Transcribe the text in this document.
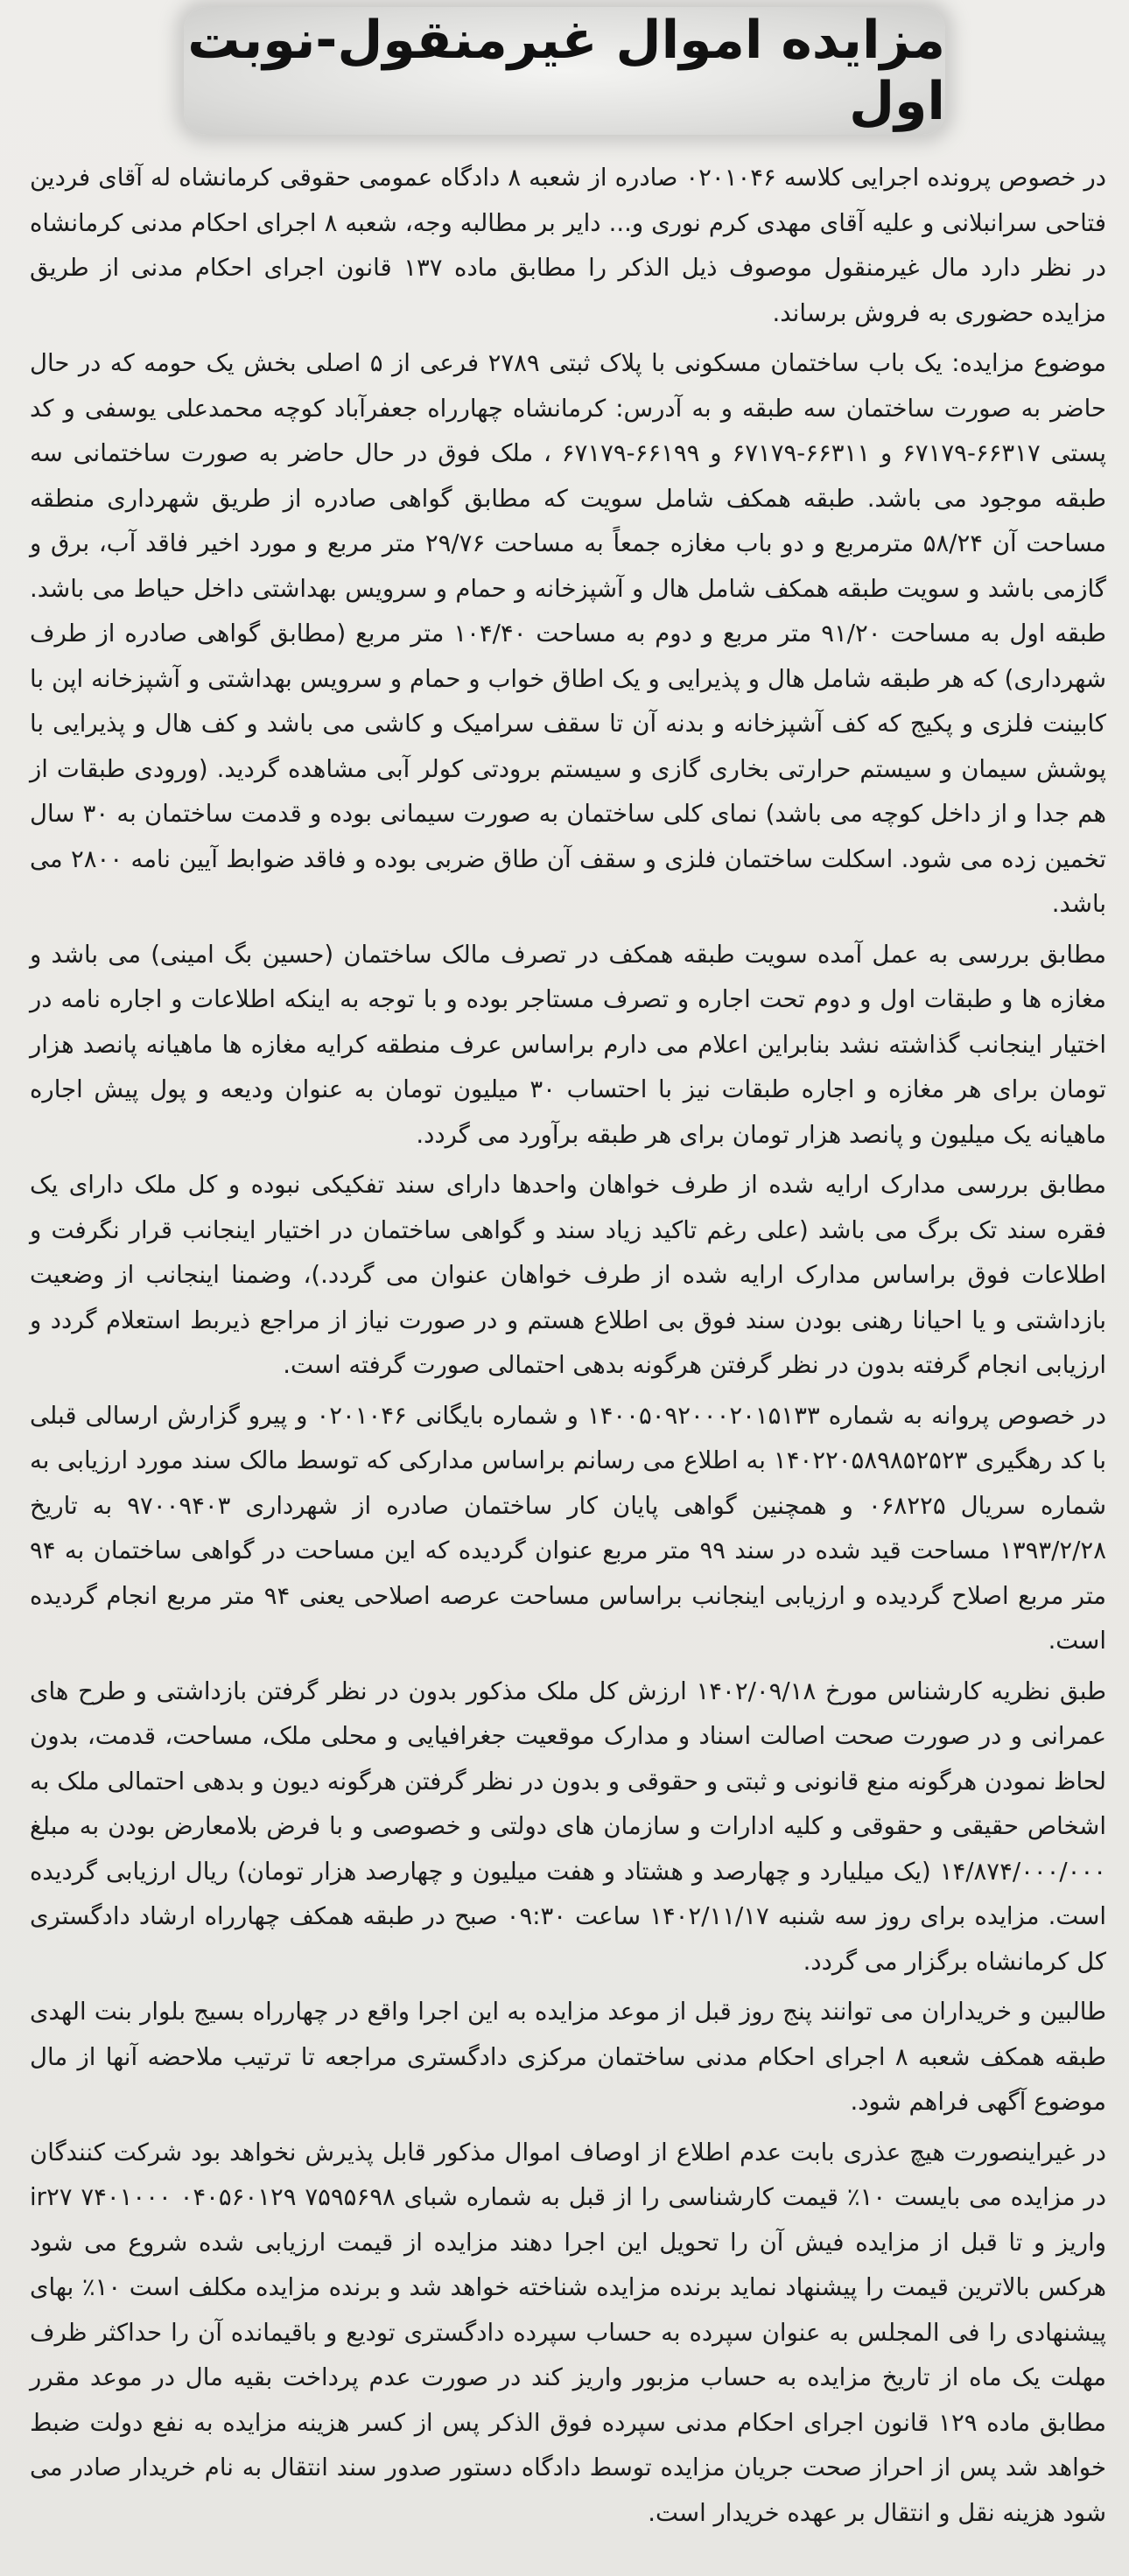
مزایده اموال غیرمنقول-نوبت اول

در خصوص پرونده اجرایی کلاسه ۰۲۰۱۰۴۶ صادره از شعبه ۸ دادگاه عمومی حقوقی کرمانشاه له آقای فردین فتاحی سرانبلانی و علیه آقای مهدی کرم نوری و... دایر بر مطالبه وجه، شعبه ۸ اجرای احکام مدنی کرمانشاه در نظر دارد مال غیرمنقول موصوف ذیل الذکر را مطابق ماده ۱۳۷ قانون اجرای احکام مدنی از طریق مزایده حضوری به فروش برساند.

موضوع مزایده: یک باب ساختمان مسکونی با پلاک ثبتی ۲۷۸۹ فرعی از ۵ اصلی بخش یک حومه که در حال حاضر به صورت ساختمان سه طبقه و به آدرس: کرمانشاه چهارراه جعفرآباد کوچه محمدعلی یوسفی و کد پستی ۶۶۳۱۷-۶۷۱۷۹ و ۶۶۳۱۱-۶۷۱۷۹ و ۶۶۱۹۹-۶۷۱۷۹ ، ملک فوق در حال حاضر به صورت ساختمانی سه طبقه موجود می باشد. طبقه همکف شامل سویت که مطابق گواهی صادره از طریق شهرداری منطقه مساحت آن ۵۸/۲۴ مترمربع و دو باب مغازه جمعاً به مساحت ۲۹/۷۶ متر مربع و مورد اخیر فاقد آب، برق و گازمی باشد و سویت طبقه همکف شامل هال و آشپزخانه و حمام و سرویس بهداشتی داخل حیاط می باشد. طبقه اول به مساحت ۹۱/۲۰ متر مربع و دوم به مساحت ۱۰۴/۴۰ متر مربع (مطابق گواهی صادره از طرف شهرداری) که هر طبقه شامل هال و پذیرایی و یک اطاق خواب و حمام و سرویس بهداشتی و آشپزخانه اپن با کابینت فلزی و پکیج که کف آشپزخانه و بدنه آن تا سقف سرامیک و کاشی می باشد و کف هال و پذیرایی با پوشش سیمان و سیستم حرارتی بخاری گازی و سیستم برودتی کولر آبی مشاهده گردید. (ورودی طبقات از هم جدا و از داخل کوچه می باشد) نمای کلی ساختمان به صورت سیمانی بوده و قدمت ساختمان به ۳۰ سال تخمین زده می شود. اسکلت ساختمان فلزی و سقف آن طاق ضربی بوده و فاقد ضوابط آیین نامه ۲۸۰۰ می باشد.

مطابق بررسی به عمل آمده سویت طبقه همکف در تصرف مالک ساختمان (حسین بگ امینی) می باشد و مغازه ها و طبقات اول و دوم تحت اجاره و تصرف مستاجر بوده و با توجه به اینکه اطلاعات و اجاره نامه در اختیار اینجانب گذاشته نشد بنابراین اعلام می دارم براساس عرف منطقه کرایه مغازه ها ماهیانه پانصد هزار تومان برای هر مغازه و اجاره طبقات نیز با احتساب ۳۰ میلیون تومان به عنوان ودیعه و پول پیش اجاره ماهیانه یک میلیون و پانصد هزار تومان برای هر طبقه برآورد می گردد.

مطابق بررسی مدارک ارایه شده از طرف خواهان واحدها دارای سند تفکیکی نبوده و کل ملک دارای یک فقره سند تک برگ می باشد (علی رغم تاکید زیاد سند و گواهی ساختمان در اختیار اینجانب قرار نگرفت و اطلاعات فوق براساس مدارک ارایه شده از طرف خواهان عنوان می گردد.)، وضمنا اینجانب از وضعیت بازداشتی و یا احیانا رهنی بودن سند فوق بی اطلاع هستم و در صورت نیاز از مراجع ذیربط استعلام گردد و ارزیابی انجام گرفته بدون در نظر گرفتن هرگونه بدهی احتمالی صورت گرفته است.

در خصوص پروانه به شماره ۱۴۰۰۵۰۹۲۰۰۰۲۰۱۵۱۳۳ و شماره بایگانی ۰۲۰۱۰۴۶ و پیرو گزارش ارسالی قبلی با کد رهگیری ۱۴۰۲۲۰۵۸۹۸۵۲۵۲۳ به اطلاع می رسانم براساس مدارکی که توسط مالک سند مورد ارزیابی به شماره سریال ۰۶۸۲۲۵ و همچنین گواهی پایان کار ساختمان صادره از شهرداری ۹۷۰۰۹۴۰۳ به تاریخ ۱۳۹۳/۲/۲۸ مساحت قید شده در سند ۹۹ متر مربع عنوان گردیده که این مساحت در گواهی ساختمان به ۹۴ متر مربع اصلاح گردیده و ارزیابی اینجانب براساس مساحت عرصه اصلاحی یعنی ۹۴ متر مربع انجام گردیده است.

طبق نظریه کارشناس مورخ ۱۴۰۲/۰۹/۱۸ ارزش کل ملک مذکور بدون در نظر گرفتن بازداشتی و طرح های عمرانی و در صورت صحت اصالت اسناد و مدارک موقعیت جغرافیایی و محلی ملک، مساحت، قدمت، بدون لحاظ نمودن هرگونه منع قانونی و ثبتی و حقوقی و بدون در نظر گرفتن هرگونه دیون و بدهی احتمالی ملک به اشخاص حقیقی و حقوقی و کلیه ادارات و سازمان های دولتی و خصوصی و با فرض بلامعارض بودن به مبلغ ۱۴/۸۷۴/۰۰۰/۰۰۰ (یک میلیارد و چهارصد و هشتاد و هفت میلیون و چهارصد هزار تومان) ریال ارزیابی گردیده است. مزایده برای روز سه شنبه ۱۴۰۲/۱۱/۱۷ ساعت ۰۹:۳۰ صبح در طبقه همکف چهارراه ارشاد دادگستری کل کرمانشاه برگزار می گردد.

طالبین و خریداران می توانند پنج روز قبل از موعد مزایده به این اجرا واقع در چهارراه بسیج بلوار بنت الهدی طبقه همکف شعبه ۸ اجرای احکام مدنی ساختمان مرکزی دادگستری مراجعه تا ترتیب ملاحضه آنها از مال موضوع آگهی فراهم شود.

در غیراینصورت هیچ عذری بابت عدم اطلاع از اوصاف اموال مذکور قابل پذیرش نخواهد بود شرکت کنندگان در مزایده می بایست ۱۰٪ قیمت کارشناسی را از قبل به شماره شبای ۷۵۹۵۶۹۸ ۰۴۰۵۶۰۱۲۹ ۷۴۰۱۰۰۰ ir۲۷ واریز و تا قبل از مزایده فیش آن را تحویل این اجرا دهند مزایده از قیمت ارزیابی شده شروع می شود هرکس بالاترین قیمت را پیشنهاد نماید برنده مزایده شناخته خواهد شد و برنده مزایده مکلف است ۱۰٪ بهای پیشنهادی را فی المجلس به عنوان سپرده به حساب سپرده دادگستری تودیع و باقیمانده آن را حداکثر ظرف مهلت یک ماه از تاریخ مزایده به حساب مزبور واریز کند در صورت عدم پرداخت بقیه مال در موعد مقرر مطابق ماده ۱۲۹ قانون اجرای احکام مدنی سپرده فوق الذکر پس از کسر هزینه مزایده به نفع دولت ضبط خواهد شد پس از احراز صحت جریان مزایده توسط دادگاه دستور صدور سند انتقال به نام خریدار صادر می شود هزینه نقل و انتقال بر عهده خریدار است.
